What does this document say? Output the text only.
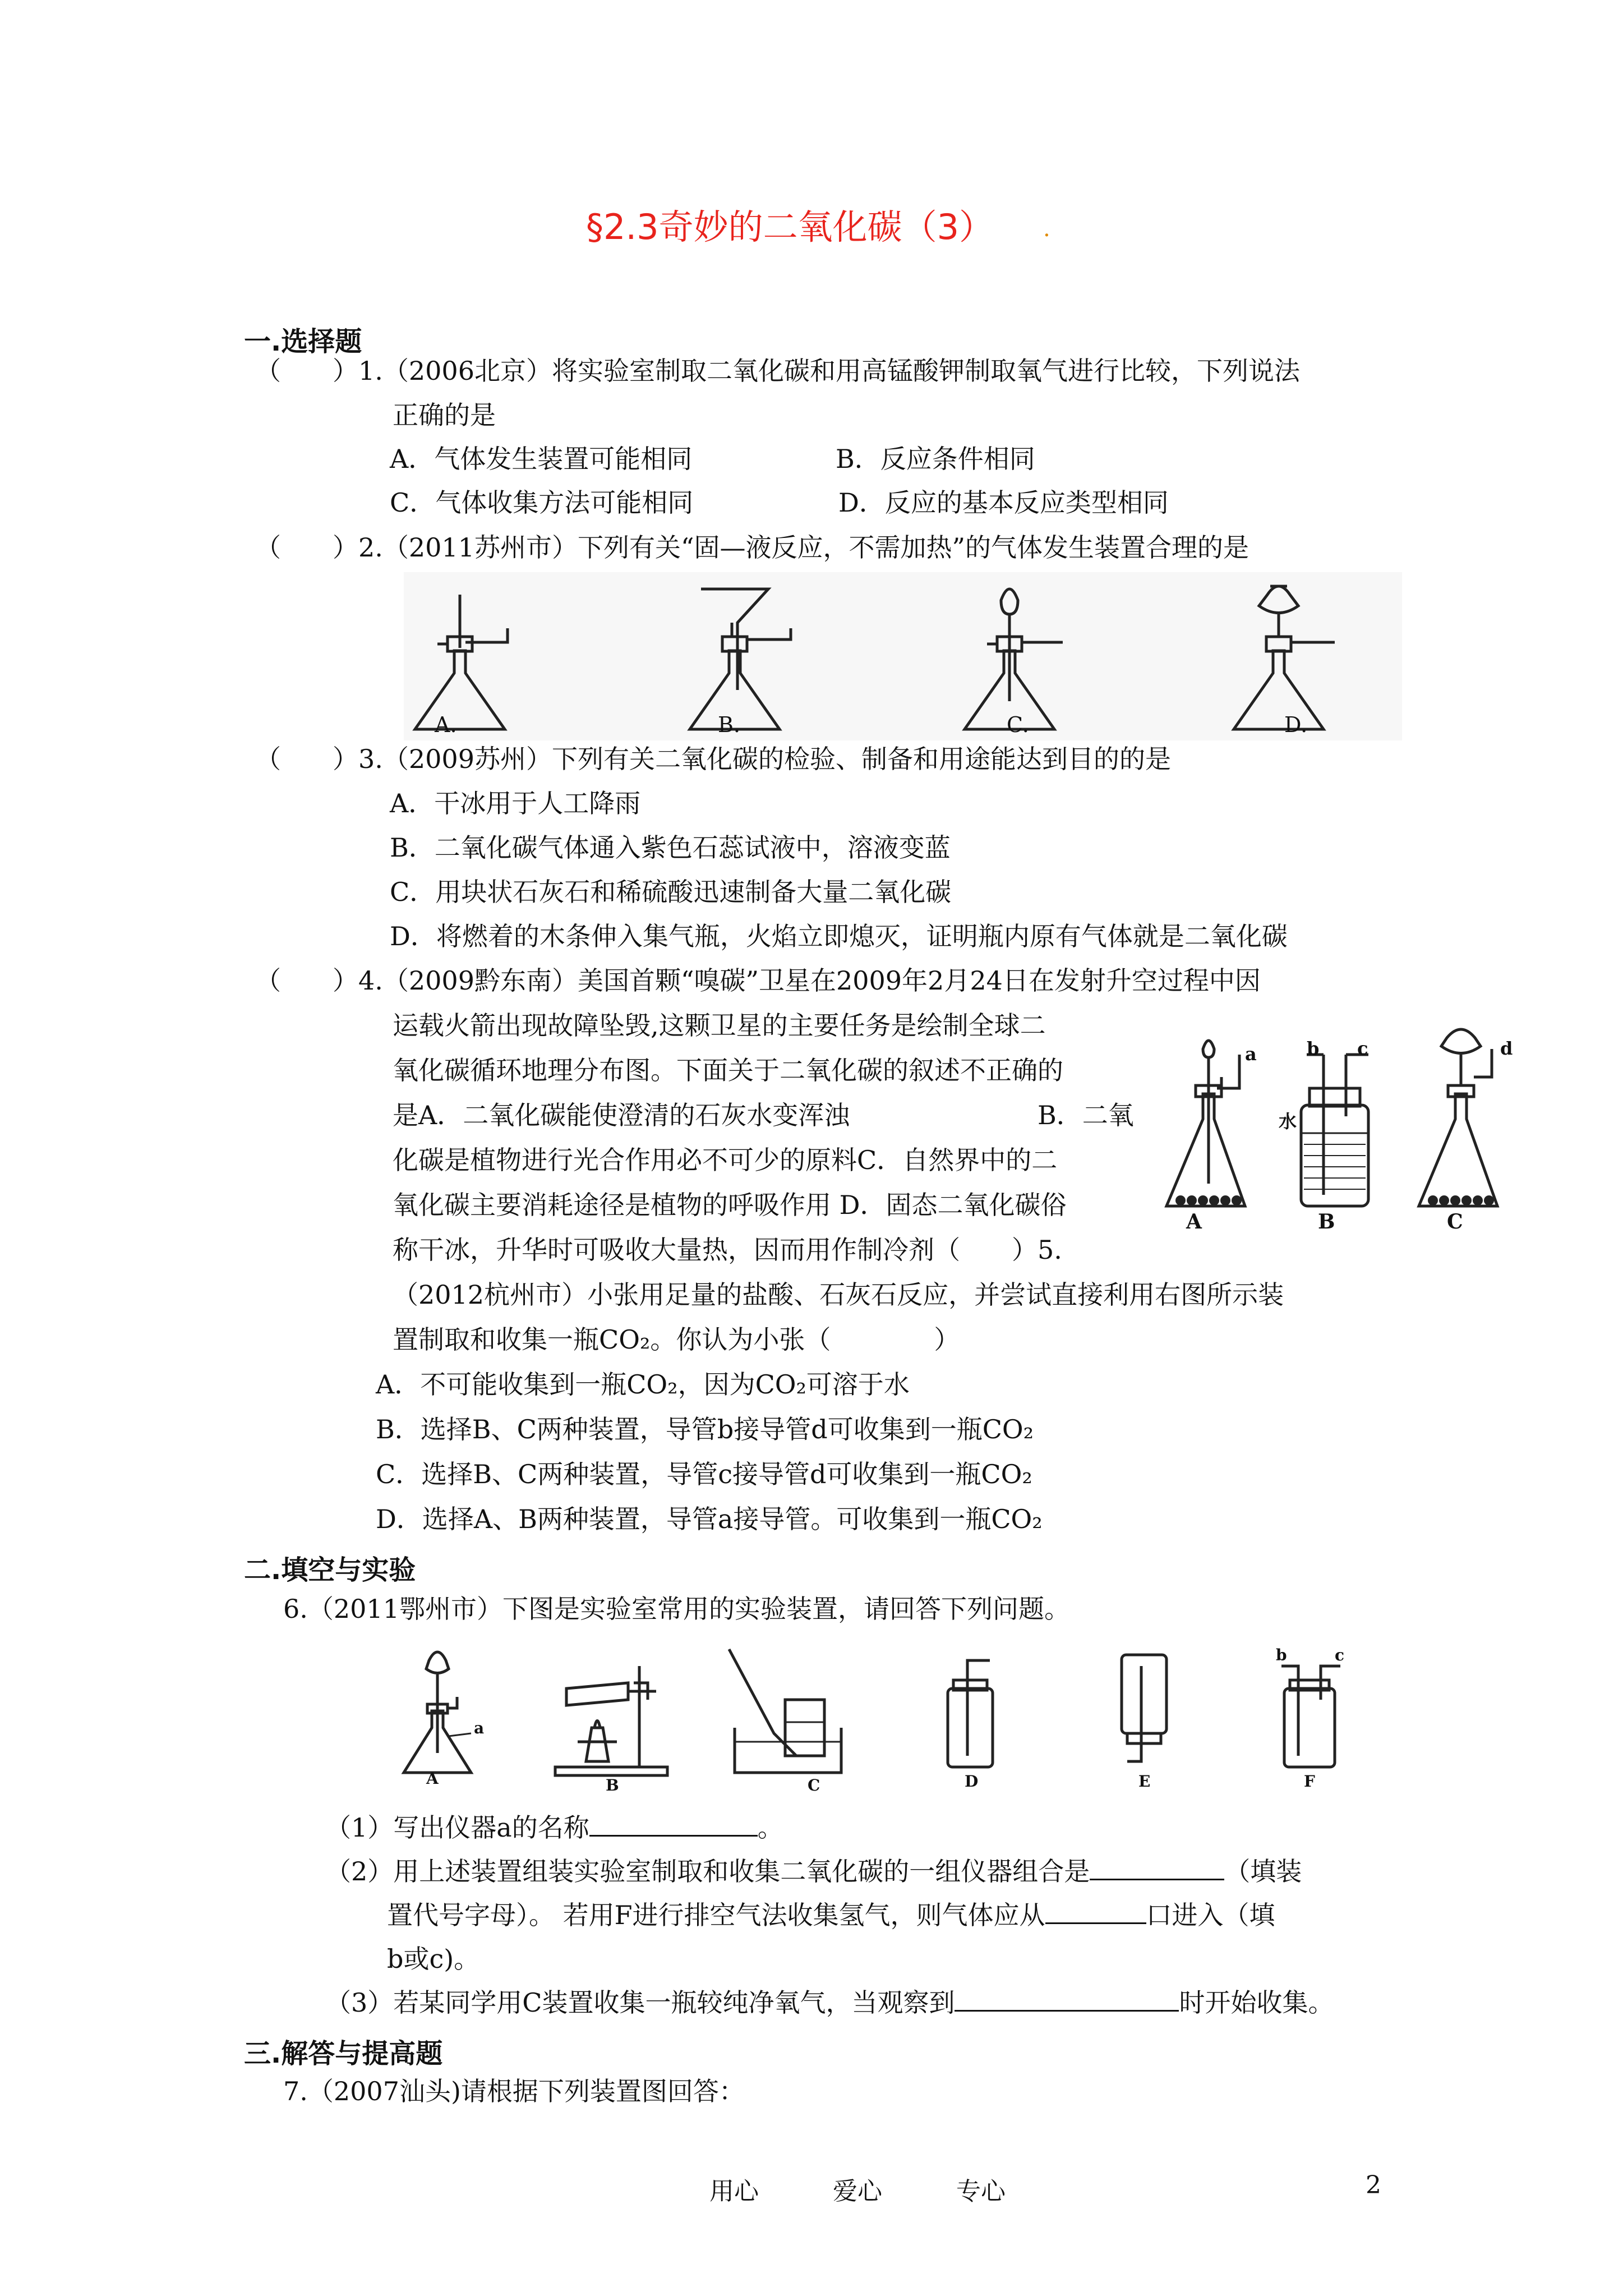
§2.3奇妙的二氧化碳（3） .
一.选择题
（　　）1.（2006北京）将实验室制取二氧化碳和用高锰酸钾制取氧气进行比较，下列说法
正确的是
A．气体发生装置可能相同	B．反应条件相同
C．气体收集方法可能相同	D．反应的基本反应类型相同
（　　）2.（2011苏州市）下列有关“固—液反应，不需加热”的气体发生装置合理的是
A.	B.	C.	D.
（　　）3.（2009苏州）下列有关二氧化碳的检验、制备和用途能达到目的的是
A．干冰用于人工降雨
B．二氧化碳气体通入紫色石蕊试液中，溶液变蓝
C．用块状石灰石和稀硫酸迅速制备大量二氧化碳
D．将燃着的木条伸入集气瓶，火焰立即熄灭，证明瓶内原有气体就是二氧化碳
（　　）4.（2009黔东南）美国首颗“嗅碳”卫星在2009年2月24日在发射升空过程中因
运载火箭出现故障坠毁,这颗卫星的主要任务是绘制全球二
氧化碳循环地理分布图。下面关于二氧化碳的叙述不正确的
是A．二氧化碳能使澄清的石灰水变浑浊	B．二氧
化碳是植物进行光合作用必不可少的原料C．自然界中的二
氧化碳主要消耗途径是植物的呼吸作用 D．固态二氧化碳俗
称干冰，升华时可吸收大量热，因而用作制冷剂（　　）5.
A	B	C
a	b c	d
水
（2012杭州市）小张用足量的盐酸、石灰石反应，并尝试直接利用右图所示装
置制取和收集一瓶CO₂。你认为小张（　　　　）
A．不可能收集到一瓶CO₂，因为CO₂可溶于水
B．选择B、C两种装置，导管b接导管d可收集到一瓶CO₂
C．选择B、C两种装置，导管c接导管d可收集到一瓶CO₂
D．选择A、B两种装置，导管a接导管。可收集到一瓶CO₂
二.填空与实验
6.（2011鄂州市）下图是实验室常用的实验装置，请回答下列问题。
A	B	C	D	E	F
a
b	c
（1）写出仪器a的名称	。
（2）用上述装置组装实验室制取和收集二氧化碳的一组仪器组合是	（填装
置代号字母）。 若用F进行排空气法收集氢气，则气体应从	口进入（填
b或c)。
（3）若某同学用C装置收集一瓶较纯净氧气，当观察到	时开始收集。
三.解答与提高题
7.（2007汕头)请根据下列装置图回答：
用心　　　爱心　　　专心	2
